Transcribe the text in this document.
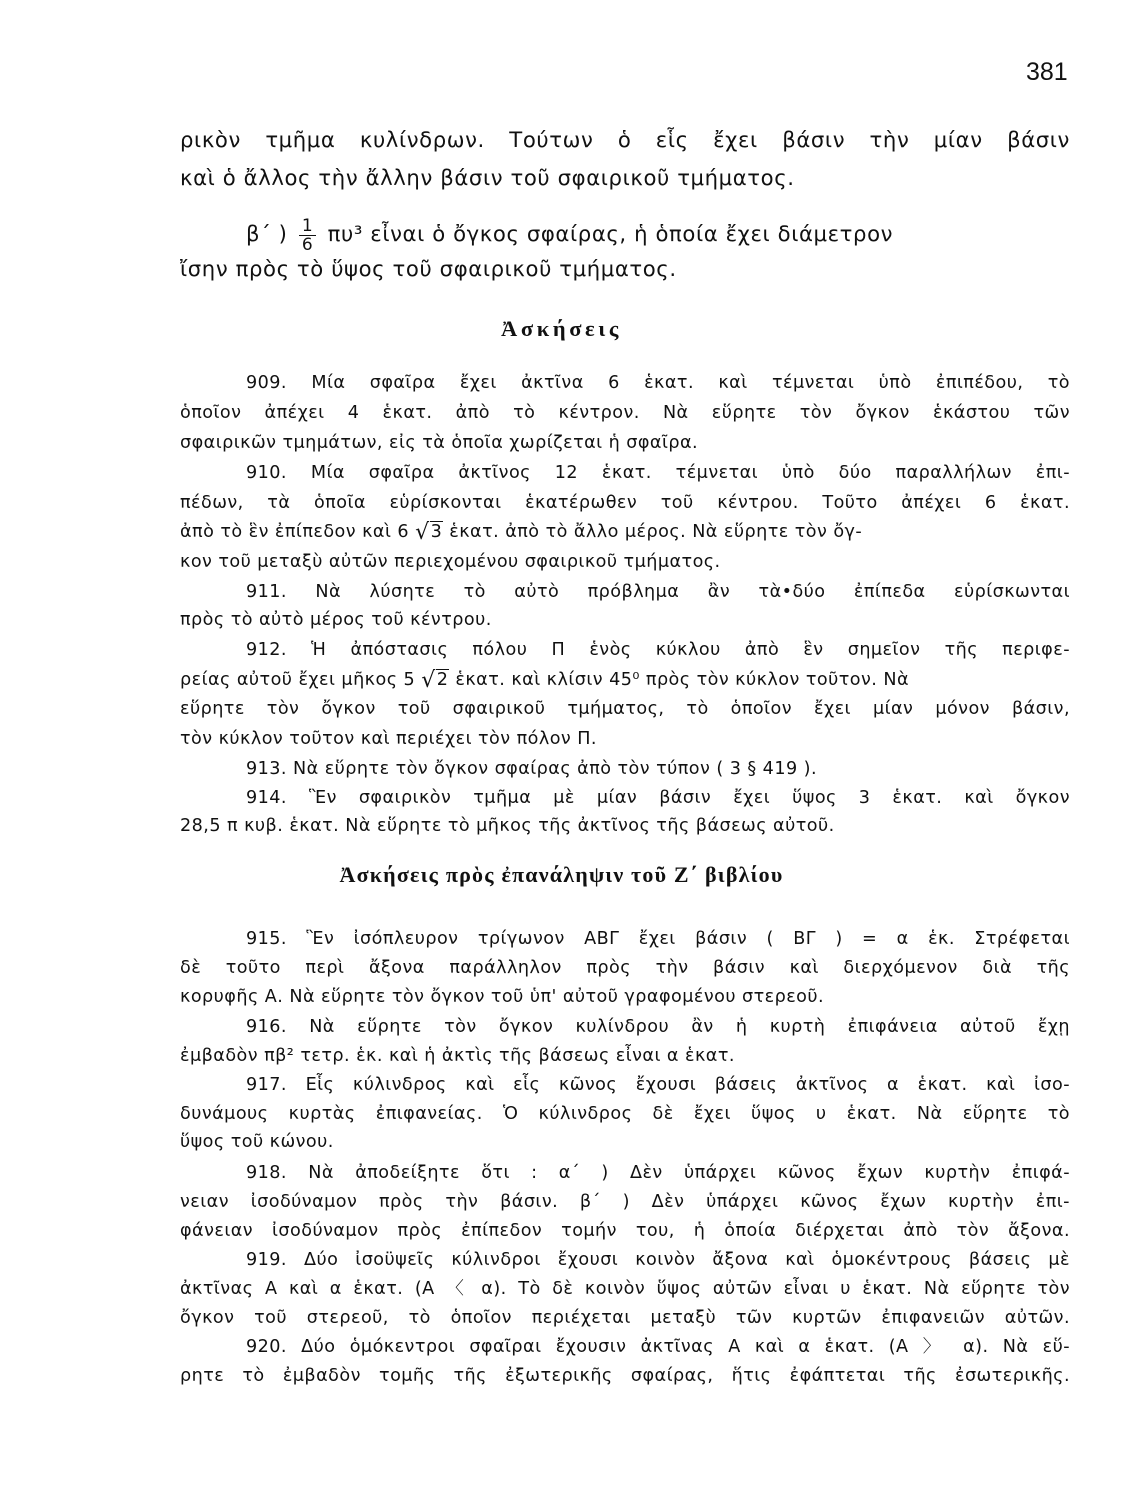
381
ρικὸν τμῆμα κυλίνδρων. Τούτων ὁ εἷς ἔχει βάσιν τὴν μίαν βάσιν
καὶ ὁ ἄλλος τὴν ἄλλην βάσιν τοῦ σφαιρικοῦ τμήματος.
β΄ ) $\frac{1}{6} \pi\upsilon^3$ εἶναι ὁ ὄγκος σφαίρας, ἡ ὁποία ἔχει διάμετρον
ἴσην πρὸς τὸ ὕψος τοῦ σφαιρικοῦ τμήματος.
Ἀσκήσεις
909. Μία σφαῖρα ἔχει ἀκτῖνα 6 ἑκατ. καὶ τέμνεται ὑπὸ ἐπιπέδου, τὸ
ὁποῖον ἀπέχει 4 ἑκατ. ἀπὸ τὸ κέντρον. Νὰ εὕρητε τὸν ὄγκον ἑκάστου τῶν
σφαιρικῶν τμημάτων, εἰς τὰ ὁποῖα χωρίζεται ἡ σφαῖρα.
910. Μία σφαῖρα ἀκτῖνος 12 ἑκατ. τέμνεται ὑπὸ δύο παραλλήλων ἐπι-
πέδων, τὰ ὁποῖα εὑρίσκονται ἑκατέρωθεν τοῦ κέντρου. Τοῦτο ἀπέχει 6 ἑκατ.
ἀπὸ τὸ ἓν ἐπίπεδον καὶ 6 √3 ἑκατ. ἀπὸ τὸ ἄλλο μέρος. Νὰ εὕρητε τὸν ὄγ-
κον τοῦ μεταξὺ αὐτῶν περιεχομένου σφαιρικοῦ τμήματος.
911. Νὰ λύσητε τὸ αὐτὸ πρόβλημα ἂν τὰ•δύο ἐπίπεδα εὑρίσκωνται
πρὸς τὸ αὐτὸ μέρος τοῦ κέντρου.
912. Ἡ ἀπόστασις πόλου Π ἑνὸς κύκλου ἀπὸ ἓν σημεῖον τῆς περιφε-
ρείας αὐτοῦ ἔχει μῆκος 5 √2 ἑκατ. καὶ κλίσιν 45⁰ πρὸς τὸν κύκλον τοῦτον. Νὰ
εὕρητε τὸν ὄγκον τοῦ σφαιρικοῦ τμήματος, τὸ ὁποῖον ἔχει μίαν μόνον βάσιν,
τὸν κύκλον τοῦτον καὶ περιέχει τὸν πόλον Π.
913. Νὰ εὕρητε τὸν ὄγκον σφαίρας ἀπὸ τὸν τύπον ( 3 § 419 ).
914. Ἓν σφαιρικὸν τμῆμα μὲ μίαν βάσιν ἔχει ὕψος 3 ἑκατ. καὶ ὄγκον
28,5 π κυβ. ἑκατ. Νὰ εὕρητε τὸ μῆκος τῆς ἀκτῖνος τῆς βάσεως αὐτοῦ.
Ἀσκήσεις πρὸς ἐπανάληψιν τοῦ Ζ΄ βιβλίου
915. Ἓν ἰσόπλευρον τρίγωνον ΑΒΓ ἔχει βάσιν ( ΒΓ ) = α ἑκ. Στρέφεται
δὲ τοῦτο περὶ ἄξονα παράλληλον πρὸς τὴν βάσιν καὶ διερχόμενον διὰ τῆς
κορυφῆς Α. Νὰ εὕρητε τὸν ὄγκον τοῦ ὑπ' αὐτοῦ γραφομένου στερεοῦ.
916. Νὰ εὕρητε τὸν ὄγκον κυλίνδρου ἂν ἡ κυρτὴ ἐπιφάνεια αὐτοῦ ἔχῃ
ἐμβαδὸν πβ² τετρ. ἑκ. καὶ ἡ ἀκτὶς τῆς βάσεως εἶναι α ἑκατ.
917. Εἷς κύλινδρος καὶ εἷς κῶνος ἔχουσι βάσεις ἀκτῖνος α ἑκατ. καὶ ἰσο-
δυνάμους κυρτὰς ἐπιφανείας. Ὁ κύλινδρος δὲ ἔχει ὕψος υ ἑκατ. Νὰ εὕρητε τὸ
ὕψος τοῦ κώνου.
918. Νὰ ἀποδείξητε ὅτι : α΄ ) Δὲν ὑπάρχει κῶνος ἔχων κυρτὴν ἐπιφά-
νειαν ἰσοδύναμον πρὸς τὴν βάσιν. β΄ ) Δὲν ὑπάρχει κῶνος ἔχων κυρτὴν ἐπι-
φάνειαν ἰσοδύναμον πρὸς ἐπίπεδον τομήν του, ἡ ὁποία διέρχεται ἀπὸ τὸν ἄξονα.
919. Δύο ἰσοϋψεῖς κύλινδροι ἔχουσι κοινὸν ἄξονα καὶ ὁμοκέντρους βάσεις μὲ
ἀκτῖνας Α καὶ α ἑκατ. (Α 〈 α). Τὸ δὲ κοινὸν ὕψος αὐτῶν εἶναι υ ἑκατ. Νὰ εὕρητε τὸν
ὄγκον τοῦ στερεοῦ, τὸ ὁποῖον περιέχεται μεταξὺ τῶν κυρτῶν ἐπιφανειῶν αὐτῶν.
920. Δύο ὁμόκεντροι σφαῖραι ἔχουσιν ἀκτῖνας Α καὶ α ἑκατ. (Α 〉 α). Νὰ εὕ-
ρητε τὸ ἐμβαδὸν τομῆς τῆς ἐξωτερικῆς σφαίρας, ἥτις ἐφάπτεται τῆς ἐσωτερικῆς.
